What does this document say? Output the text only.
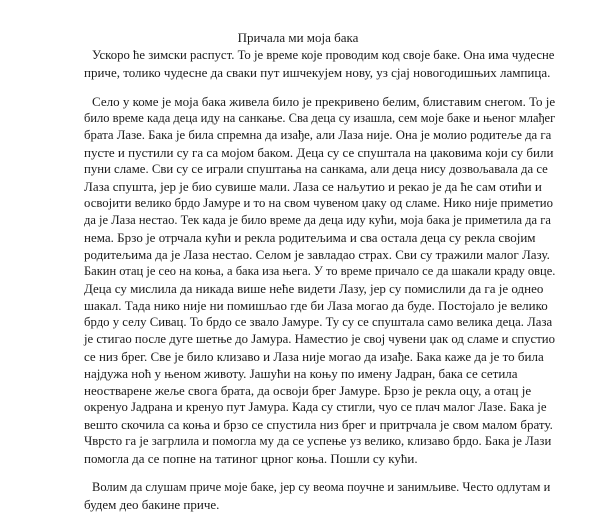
Причала ми моја бака
Ускоро ће зимски распуст. То је време које проводим код своје баке. Она има чудесне
приче, толико чудесне да сваки пут ишчекујем нову, уз сјај новогодишњих лампица.
Село у коме је моја бака живела било је прекривено белим, блиставим снегом. То је
било време када деца иду на санкање. Сва деца су изашла, сем моје баке и њеног млађег
брата Лазе. Бака је била спремна да изађе, али Лаза није. Она је молио родитеље да га
пусте и пустили су га са мојом баком. Деца су се спуштала на џаковима који су били
пуни сламе. Сви су се играли спуштања на санкама, али деца нису дозвољавала да се
Лаза спушта, јер је био сувише мали. Лаза се наљутио и рекао је да ће сам отићи и
освојити велико брдо Јамуре и то на свом чувеном џаку од сламе. Нико није приметио
да је Лаза нестао. Тек када је било време да деца иду кући, моја бака је приметила да га
нема. Брзо је отрчала кући и рекла родитељима и сва остала деца су рекла својим
родитељима да је Лаза нестао. Селом је завладао страх. Сви су тражили малог Лазу.
Бакин отац је сео на коња, а бака иза њега. У то време причало се да шакали краду овце.
Деца су мислила да никада више неће видети Лазу, јер су помислили да га је однео
шакал. Тада нико није ни помишљао где би Лаза могао да буде. Постојало је велико
брдо у селу Сивац. То брдо се звало Јамуре. Ту су се спуштала само велика деца. Лаза
је стигао после дуге шетње до Јамура. Наместио је свој чувени џак од сламе и спустио
се низ брег. Све је било клизаво и Лаза није могао да изађе. Бака каже да је то била
најдужа ноћ у њеном животу. Јашући на коњу по имену Јадран, бака се сетила
неостварене жеље свога брата, да освоји брег Јамуре. Брзо је рекла оцу, а отац је
окренуо Јадрана и кренуо пут Јамура. Када су стигли, чуо се плач малог Лазе. Бака је
вешто скочила са коња и брзо се спустила низ брег и притрчала је свом малом брату.
Чврсто га је загрлила и помогла му да се успење уз велико, клизаво брдо. Бака је Лази
помогла да се попне на татиног црног коња. Пошли су кући.
Волим да слушам приче моје баке, јер су веома поучне и занимљиве. Често одлутам и
будем део бакине приче.
